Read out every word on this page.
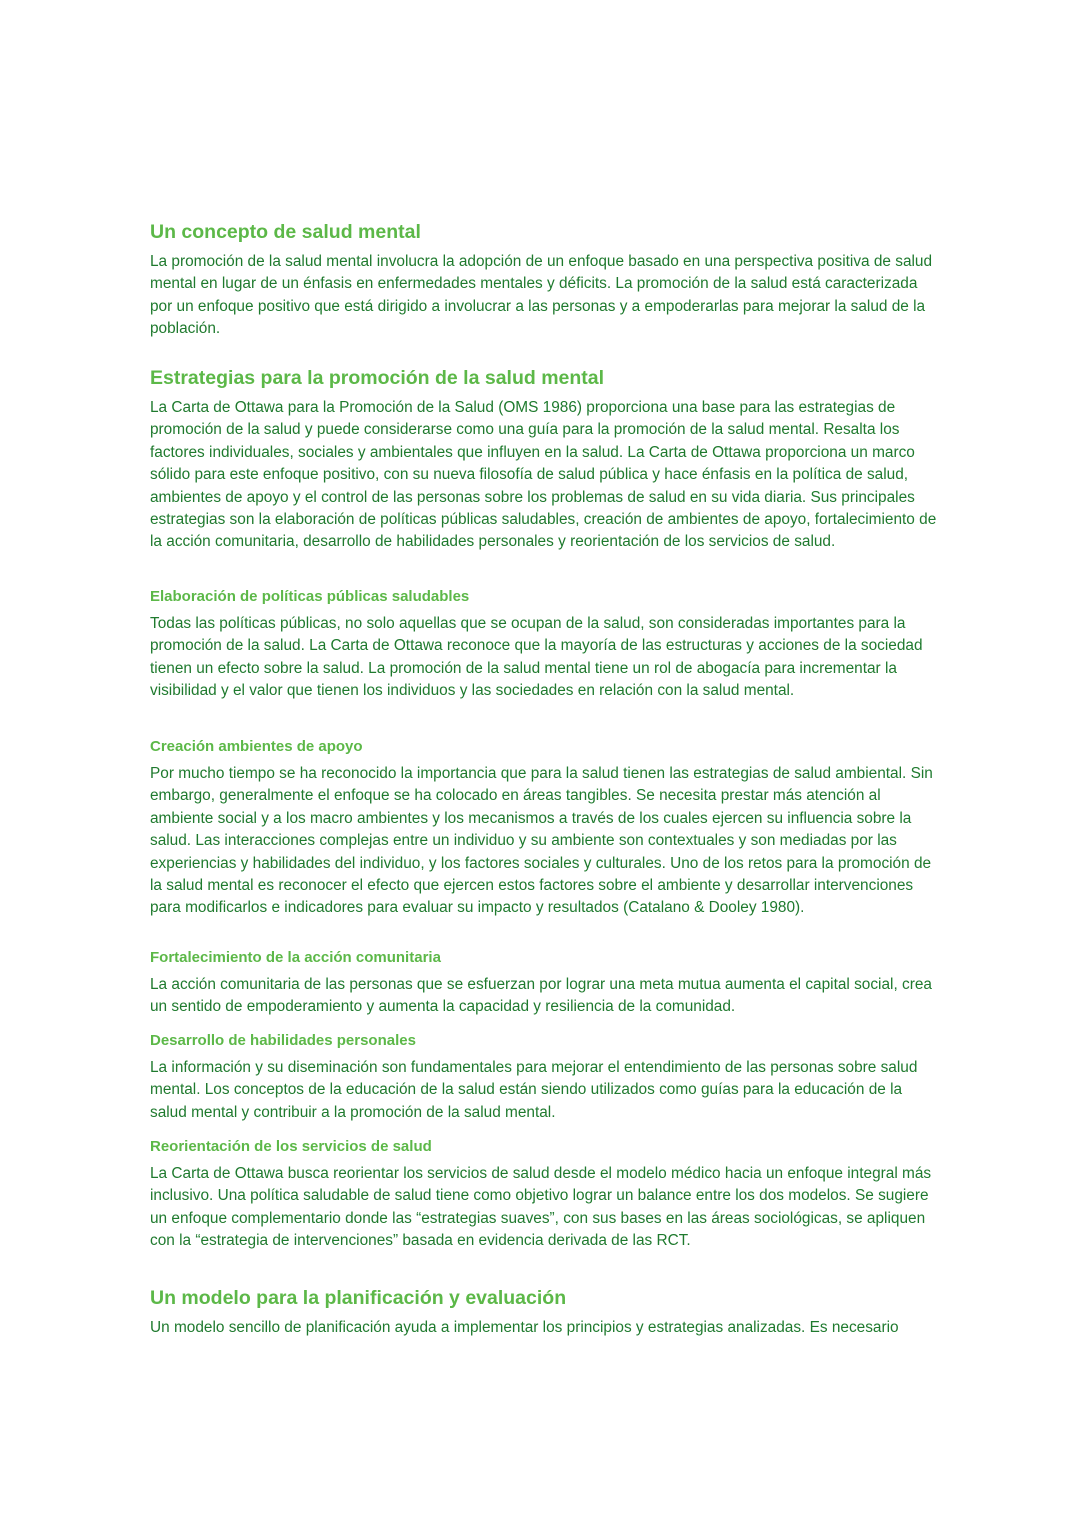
Un concepto de salud mental

La promoción de la salud mental involucra la adopción de un enfoque basado en una perspectiva positiva de salud mental en lugar de un énfasis en enfermedades mentales y déficits. La promoción de la salud está caracterizada por un enfoque positivo que está dirigido a involucrar a las personas y a empoderarlas para mejorar la salud de la población.

Estrategias para la promoción de la salud mental

La Carta de Ottawa para la Promoción de la Salud (OMS 1986) proporciona una base para las estrategias de promoción de la salud y puede considerarse como una guía para la promoción de la salud mental. Resalta los factores individuales, sociales y ambientales que influyen en la salud. La Carta de Ottawa proporciona un marco sólido para este enfoque positivo, con su nueva filosofía de salud pública y hace énfasis en la política de salud, ambientes de apoyo y el control de las personas sobre los problemas de salud en su vida diaria. Sus principales estrategias son la elaboración de políticas públicas saludables, creación de ambientes de apoyo, fortalecimiento de la acción comunitaria, desarrollo de habilidades personales y reorientación de los servicios de salud.

Elaboración de políticas públicas saludables

Todas las políticas públicas, no solo aquellas que se ocupan de la salud, son consideradas importantes para la promoción de la salud. La Carta de Ottawa reconoce que la mayoría de las estructuras y acciones de la sociedad tienen un efecto sobre la salud. La promoción de la salud mental tiene un rol de abogacía para incrementar la visibilidad y el valor que tienen los individuos y las sociedades en relación con la salud mental.

Creación ambientes de apoyo

Por mucho tiempo se ha reconocido la importancia que para la salud tienen las estrategias de salud ambiental. Sin embargo, generalmente el enfoque se ha colocado en áreas tangibles. Se necesita prestar más atención al ambiente social y a los macro ambientes y los mecanismos a través de los cuales ejercen su influencia sobre la salud. Las interacciones complejas entre un individuo y su ambiente son contextuales y son mediadas por las experiencias y habilidades del individuo, y los factores sociales y culturales. Uno de los retos para la promoción de la salud mental es reconocer el efecto que ejercen estos factores sobre el ambiente y desarrollar intervenciones para modificarlos e indicadores para evaluar su impacto y resultados (Catalano & Dooley 1980).

Fortalecimiento de la acción comunitaria

La acción comunitaria de las personas que se esfuerzan por lograr una meta mutua aumenta el capital social, crea un sentido de empoderamiento y aumenta la capacidad y resiliencia de la comunidad.

Desarrollo de habilidades personales

La información y su diseminación son fundamentales para mejorar el entendimiento de las personas sobre salud mental. Los conceptos de la educación de la salud están siendo utilizados como guías para la educación de la salud mental y contribuir a la promoción de la salud mental.

Reorientación de los servicios de salud

La Carta de Ottawa busca reorientar los servicios de salud desde el modelo médico hacia un enfoque integral más inclusivo. Una política saludable de salud tiene como objetivo lograr un balance entre los dos modelos. Se sugiere un enfoque complementario donde las “estrategias suaves”, con sus bases en las áreas sociológicas, se apliquen con la “estrategia de intervenciones” basada en evidencia derivada de las RCT.

Un modelo para la planificación y evaluación

Un modelo sencillo de planificación ayuda a implementar los principios y estrategias analizadas. Es necesario
